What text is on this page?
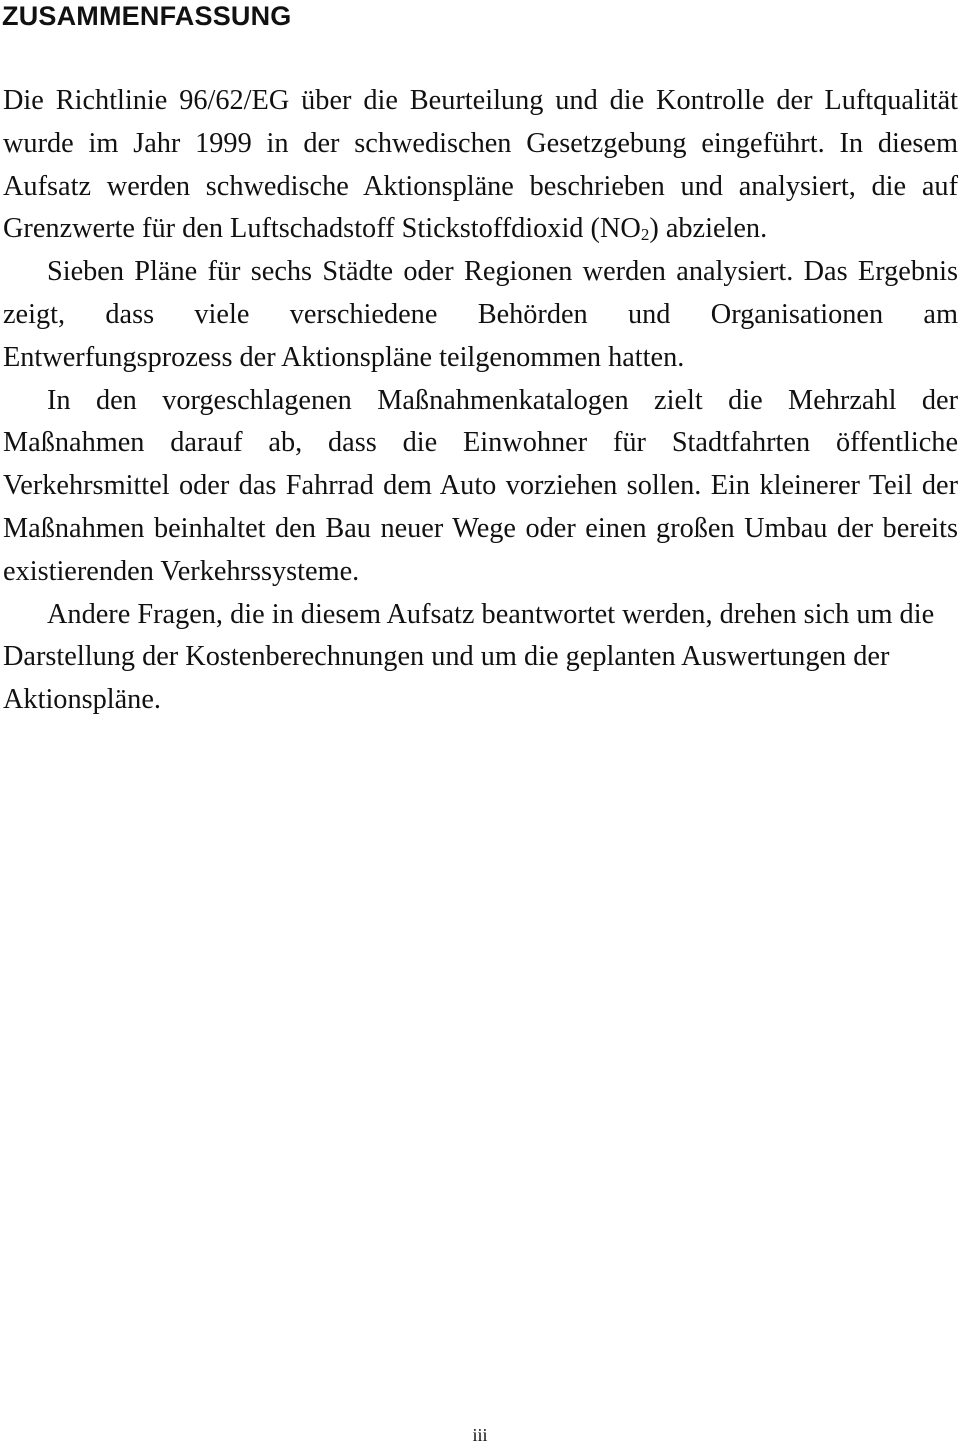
ZUSAMMENFASSUNG

Die Richtlinie 96/62/EG über die Beurteilung und die Kontrolle der Luftqualität wurde im Jahr 1999 in der schwedischen Gesetzgebung eingeführt. In diesem Aufsatz werden schwedische Aktionspläne beschrieben und analysiert, die auf Grenzwerte für den Luftschadstoff Stickstoffdioxid (NO2) abzielen.

Sieben Pläne für sechs Städte oder Regionen werden analysiert. Das Ergebnis zeigt, dass viele verschiedene Behörden und Organisationen am Entwerfungsprozess der Aktionspläne teilgenommen hatten.

In den vorgeschlagenen Maßnahmenkatalogen zielt die Mehrzahl der Maßnahmen darauf ab, dass die Einwohner für Stadtfahrten öffentliche Verkehrsmittel oder das Fahrrad dem Auto vorziehen sollen. Ein kleinerer Teil der Maßnahmen beinhaltet den Bau neuer Wege oder einen großen Umbau der bereits existierenden Verkehrssysteme.

Andere Fragen, die in diesem Aufsatz beantwortet werden, drehen sich um die Darstellung der Kostenberechnungen und um die geplanten Auswertungen der Aktionspläne.

iii
